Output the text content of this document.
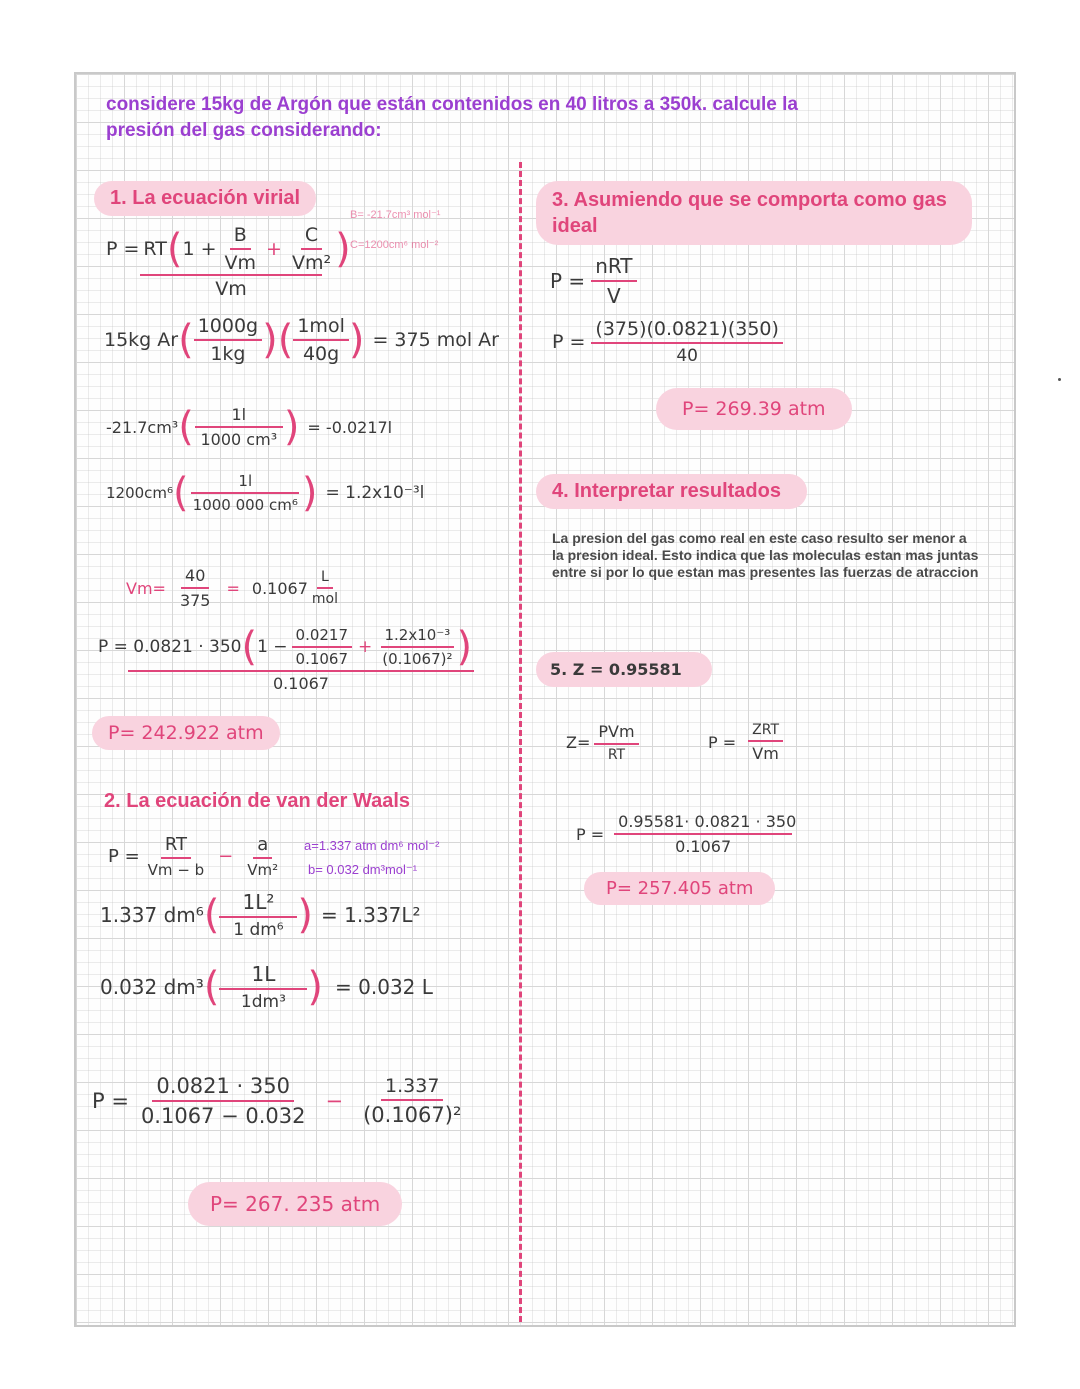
considere 15kg de Argón que están contenidos en 40 litros a 350k. calcule la
presión del gas considerando:
1. La ecuación virial
B= -21.7cm³ mol⁻¹
C=1200cm⁶ mol⁻²
P = RT ( $1 + \frac{B}{Vm} + \frac{C}{\text{Vm²}}$ )
Vm
15kg Ar ( $\frac{1000g}{1kg}$ )( $\frac{\text{1mol}}{40g}$ ) = 375 mol Ar
-21.7cm³ ( $\frac{1l}{\text{1000 cm³}}$ ) = -0.0217l
1200cm⁶ ( $\frac{1l}{\text{1000 000 cm⁶}}$ ) = 1.2x10⁻³l
$Vm= \frac{40}{375} = 0.1067 \frac{L}{\text{mol}}$
P = 0.0821 · 350 ( $1 - \frac{0.0217}{0.1067} + \frac{\text{1.2x10⁻³}}{\text{(0.1067)²}}$ )
0.1067
P= 242.922 atm
2. La ecuación de van der Waals
$P = \frac{RT}{Vm - b} - \frac{a}{\text{Vm²}} a=1.337$ atm dm⁶ mol⁻²
b= 0.032 dm³mol⁻¹
1.337 dm⁶ ( $\frac{\text{1L²}}{\text{1 dm⁶}}$ ) = 1.337L²
0.032 dm³ ( $\frac{1L}{\text{1dm³}}$ ) = 0.032 L
$P = \frac{0.0821 \cdot 350}{0.1067 - 0.032} - \frac{1.337}{\text{(0.1067)²}}$
P= 267. 235 atm
3. Asumiendo que se comporta como gas ideal
$P = \frac{\text{nRT}}{V}$
$P = \frac{(375)(0.0821)(350)}{40}$
P= 269.39 atm
4. Interpretar resultados
La presion del gas como real en este caso resulto ser menor a la presion ideal. Esto indica que las moleculas estan mas juntas entre si por lo que estan mas presentes las fuerzas de atraccion
5. Z = 0.95581
$Z= \frac{\text{PVm}}{RT}$	$P = \frac{\text{ZRT}}{Vm}$
$P = \frac{0.95581\cdot 0.0821 \cdot 350}{0.1067}$
P= 257.405 atm
